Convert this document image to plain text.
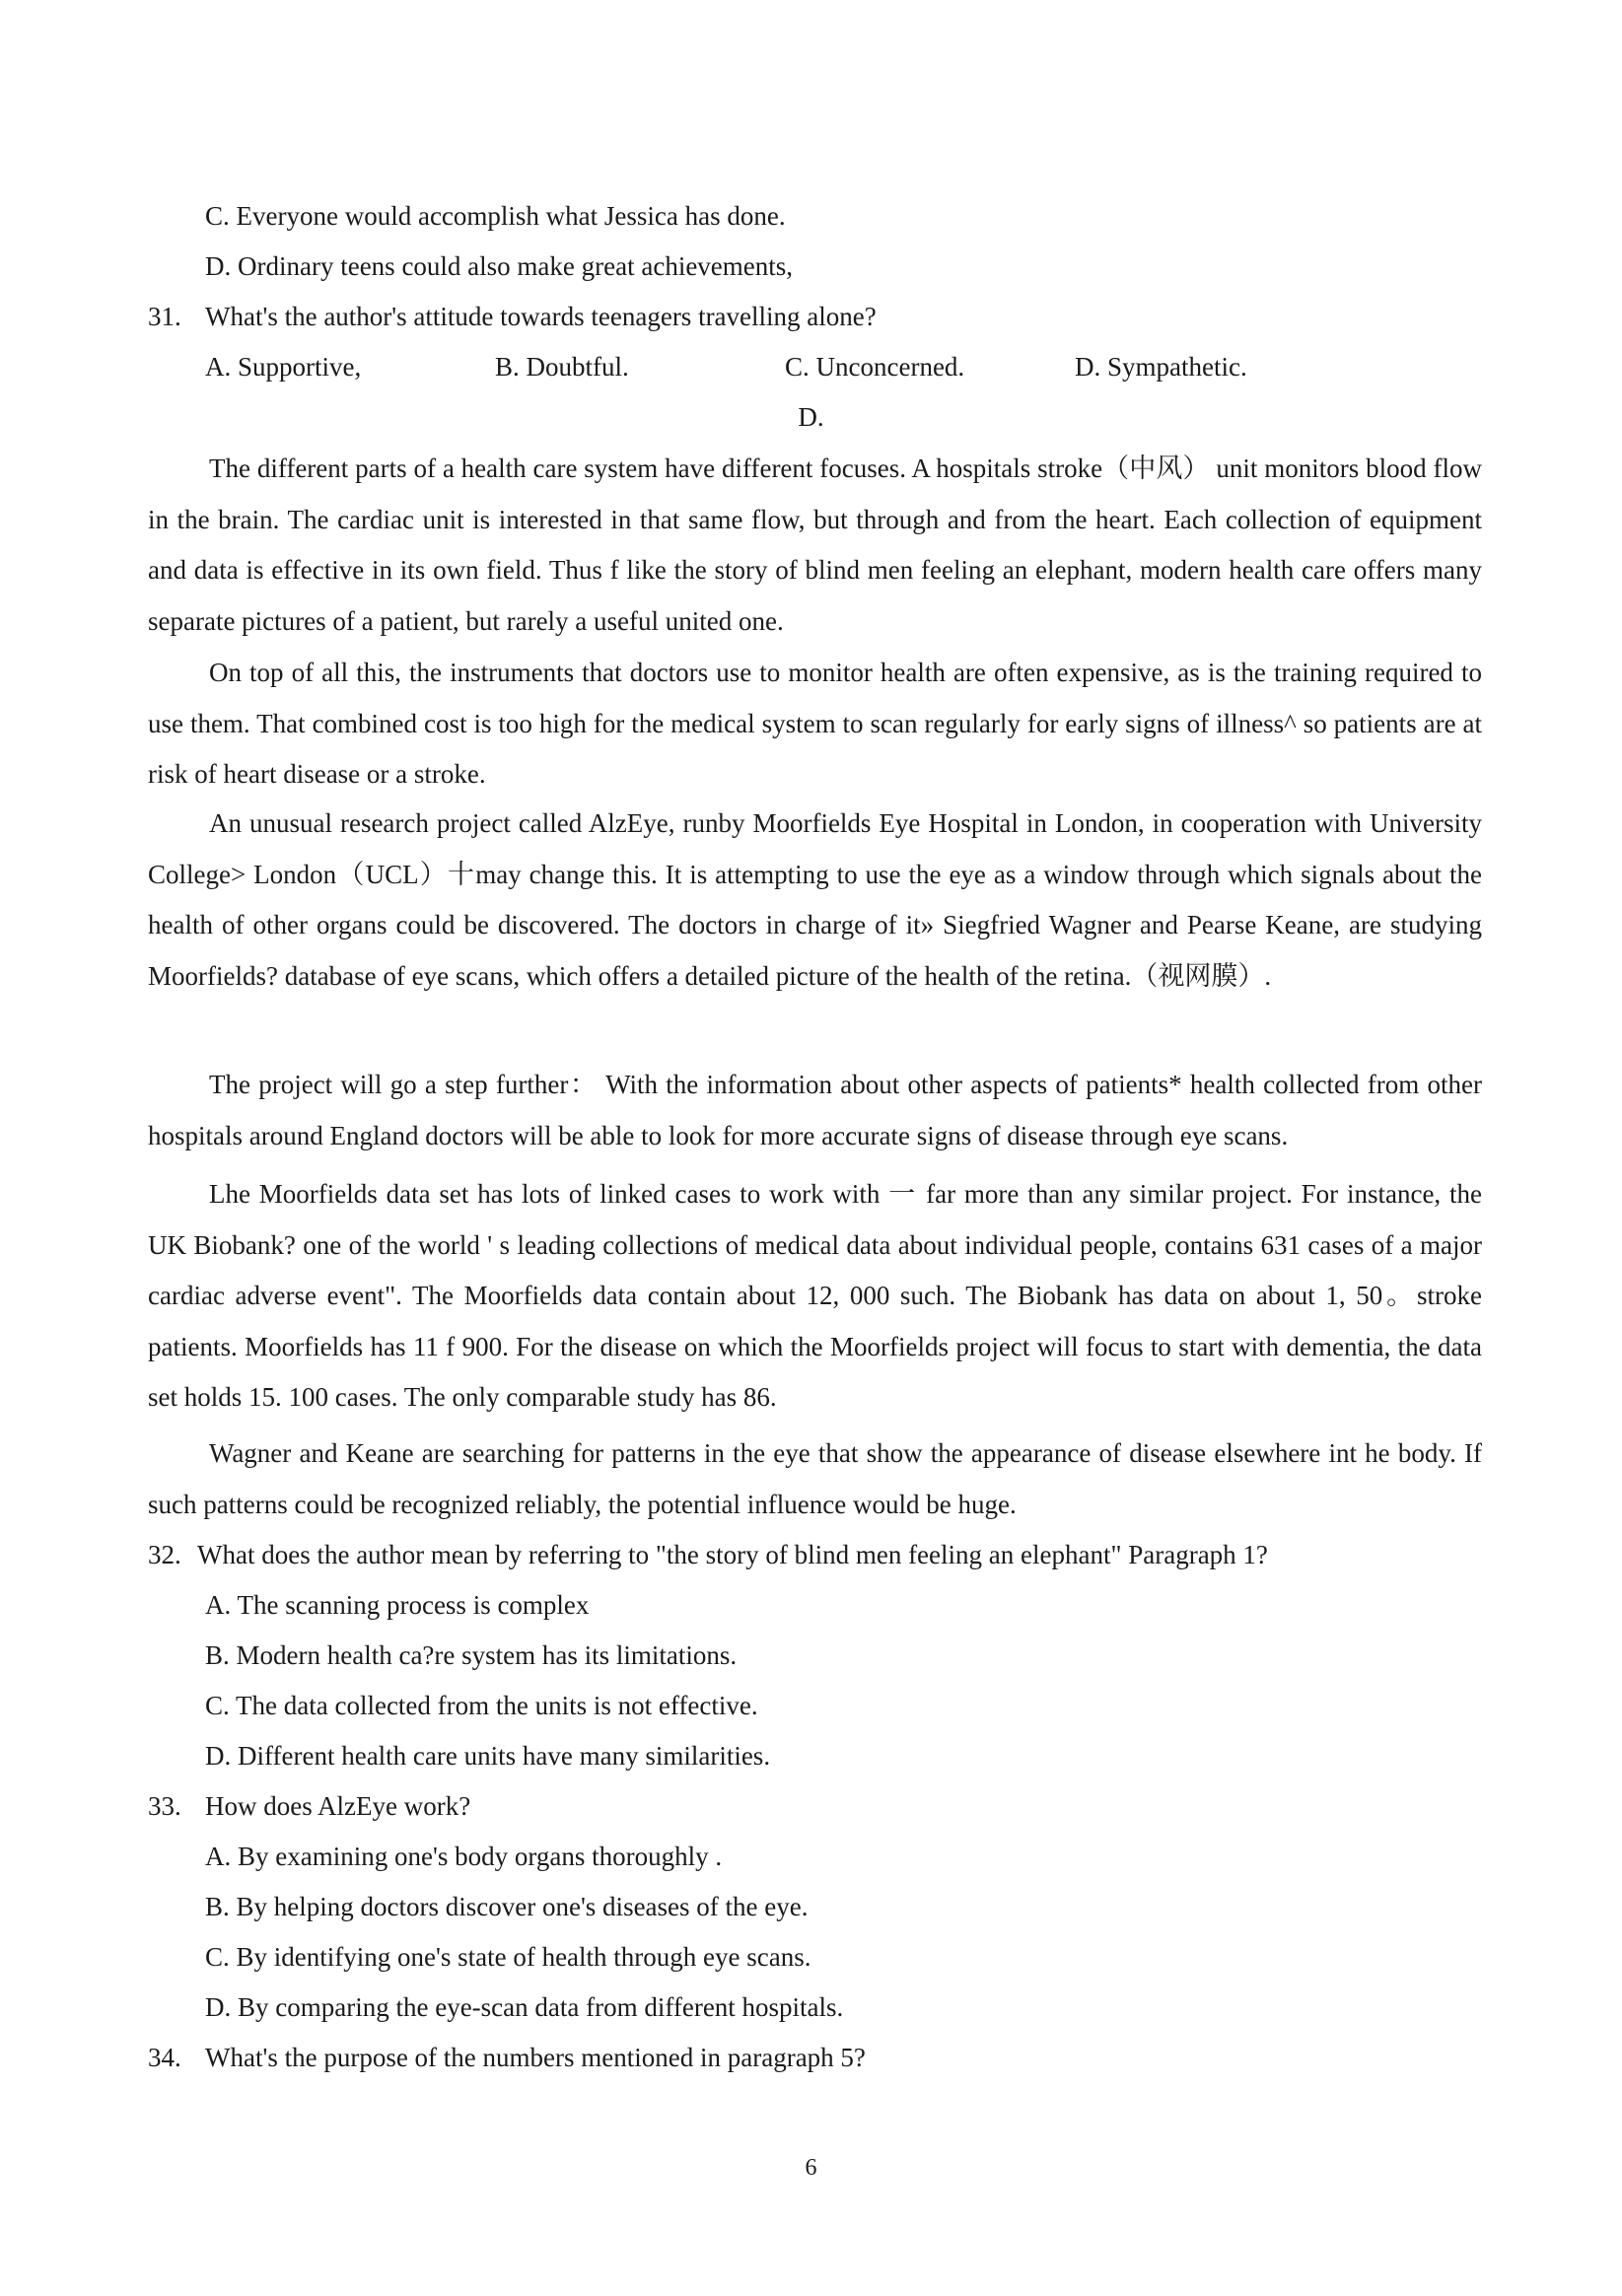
C. Everyone would accomplish what Jessica has done.
D. Ordinary teens could also make great achievements,
31. What's the author's attitude towards teenagers travelling alone?
A. Supportive,	B. Doubtful.	C. Unconcerned.	D. Sympathetic.
D.
The different parts of a health care system have different focuses. A hospitals stroke（中风） unit monitors blood flow in the brain. The cardiac unit is interested in that same flow, but through and from the heart. Each collection of equipment and data is effective in its own field. Thus f like the story of blind men feeling an elephant, modern health care offers many separate pictures of a patient, but rarely a useful united one.
On top of all this, the instruments that doctors use to monitor health are often expensive, as is the training required to use them. That combined cost is too high for the medical system to scan regularly for early signs of illness^ so patients are at risk of heart disease or a stroke.
An unusual research project called AlzEye, runby Moorfields Eye Hospital in London, in cooperation with University College> London（UCL）十may change this. It is attempting to use the eye as a window through which signals about the health of other organs could be discovered. The doctors in charge of it» Siegfried Wagner and Pearse Keane, are studying Moorfields? database of eye scans, which offers a detailed picture of the health of the retina.（视网膜）.
The project will go a step further： With the information about other aspects of patients* health collected from other hospitals around England doctors will be able to look for more accurate signs of disease through eye scans.
Lhe Moorfields data set has lots of linked cases to work with 一 far more than any similar project. For instance, the UK Biobank? one of the world ' s leading collections of medical data about individual people, contains 631 cases of a major cardiac adverse event". The Moorfields data contain about 12, 000 such. The Biobank has data on about 1, 50。stroke patients. Moorfields has 11 f 900. For the disease on which the Moorfields project will focus to start with dementia, the data set holds 15. 100 cases. The only comparable study has 86.
Wagner and Keane are searching for patterns in the eye that show the appearance of disease elsewhere int he body. If such patterns could be recognized reliably, the potential influence would be huge.
32. What does the author mean by referring to "the story of blind men feeling an elephant" Paragraph 1?
A. The scanning process is complex
B. Modern health ca?re system has its limitations.
C. The data collected from the units is not effective.
D. Different health care units have many similarities.
33. How does AlzEye work?
A. By examining one's body organs thoroughly .
B. By helping doctors discover one's diseases of the eye.
C. By identifying one's state of health through eye scans.
D. By comparing the eye-scan data from different hospitals.
34. What's the purpose of the numbers mentioned in paragraph 5?
6
